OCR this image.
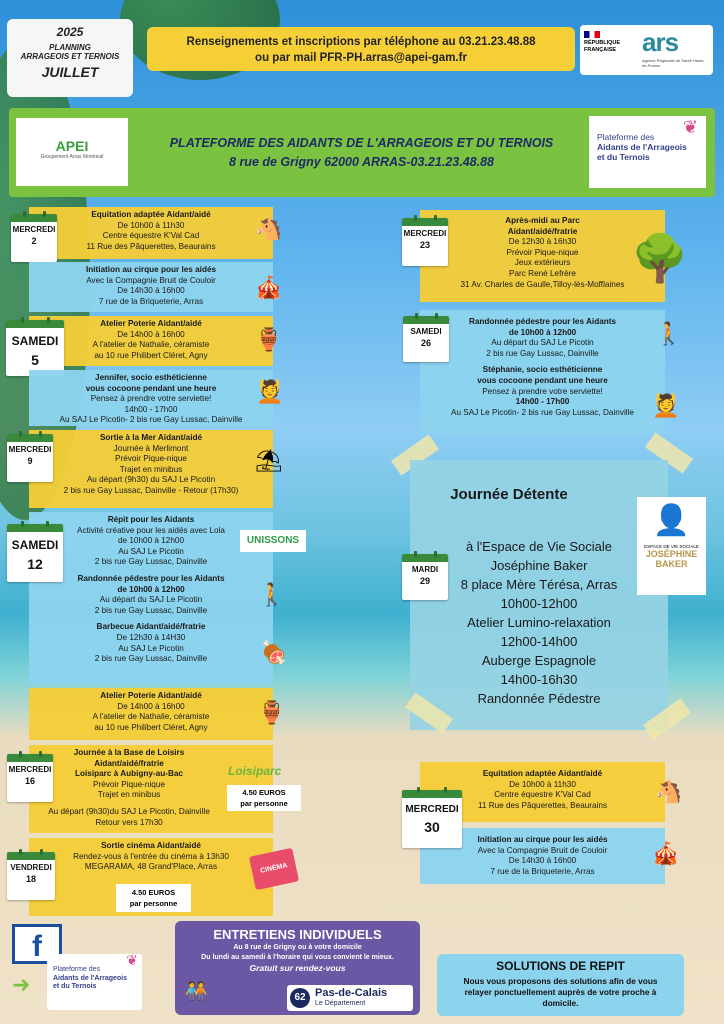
2025
PLANNING
ARRAGEOIS ET TERNOIS
JUILLET
Renseignements et inscriptions par téléphone au 03.21.23.48.88
ou par mail PFR-PH.arras@apei-gam.fr
RÉPUBLIQUE
FRANÇAISE ars
Agence Régionale de Santé Hauts-de-France
APEI
Groupement Arras Montreuil
PLATEFORME DES AIDANTS DE L'ARRAGEOIS ET DU TERNOIS
8 rue de Grigny 62000 ARRAS-03.21.23.48.88
Plateforme des
Aidants de l'Arrageois
et du Ternois
❦
Equitation adaptée Aidant/aidé
De 10h00 à 11h30
Centre équestre K'Val Cad
11 Rue des Pâquerettes, Beaurains
🐴
MERCREDI
2
Initiation au cirque pour les aidés
Avec la Compagnie Bruit de Couloir
De 14h30 à 16h00
7 rue de la Briqueterie, Arras
🎪
Atelier Poterie Aidant/aidé
De 14h00 à 16h00
A l'atelier de Nathalie, céramiste
au 10 rue Philibert Cléret, Agny
🏺
SAMEDI
5
Jennifer, socio esthéticienne
vous cocoone pendant une heure
Pensez à prendre votre serviette!
14h00 - 17h00
Au SAJ Le Picotin- 2 bis rue Gay Lussac, Dainville
💆
Sortie à la Mer Aidant/aidé
Journée à Merlimont
Prévoir Pique-nique
Trajet en minibus
Au départ (9h30) du SAJ Le Picotin
2 bis rue Gay Lussac, Dainville - Retour (17h30)
⛱
MERCREDI
9
Répit pour les Aidants
Activité créative pour les aidés avec Lola
de 10h00 à 12h00
Au SAJ Le Picotin
2 bis rue Gay Lussac, Dainville
Randonnée pédestre pour les Aidants
de 10h00 à 12h00
Au départ du SAJ Le Picotin
2 bis rue Gay Lussac, Dainville
Barbecue Aidant/aidé/fratrie
De 12h30 à 14H30
Au SAJ Le Picotin
2 bis rue Gay Lussac, Dainville
UNISSONS
🚶
🍖
SAMEDI
12
Atelier Poterie Aidant/aidé
De 14h00 à 16h00
A l'atelier de Nathalie, céramiste
au 10 rue Philibert Cléret, Agny
🏺
Journée à la Base de Loisirs
Aidant/aidé/fratrie
Loisiparc à Aubigny-au-Bac
Prévoir Pique-nique
Trajet en minibus
Au départ (9h30)du SAJ Le Picotin, Dainville
Retour vers 17h30
Loisiparc
4.50 EUROS
par personne
MERCREDI
16
Sortie cinéma Aidant/aidé
Rendez-vous à l'entrée du cinéma à 13h30
MEGARAMA, 48 Grand'Place, Arras
4.50 EUROS
par personne
CINÉMA
VENDREDI
18
Après-midi au Parc
Aidant/aidé/fratrie
De 12h30 à 16h30
Prévoir Pique-nique
Jeux extérieurs
Parc René Lefrère
31 Av. Charles de Gaulle,Tilloy-lès-Mofflaines
🌳
MERCREDI
23
Randonnée pédestre pour les Aidants
de 10h00 à 12h00
Au départ du SAJ Le Picotin
2 bis rue Gay Lussac, Dainville
Stéphanie, socio esthéticienne
vous cocoone pendant une heure
Pensez à prendre votre serviette!
14h00 - 17h00
Au SAJ Le Picotin- 2 bis rue Gay Lussac, Dainville
🚶
💆
SAMEDI
26
Journée Détente
à l'Espace de Vie Sociale
Joséphine Baker
8 place Mère Térésa, Arras
10h00-12h00
Atelier Lumino-relaxation
12h00-14h00
Auberge Espagnole
14h00-16h30
Randonnée Pédestre
👤
ESPACE DE VIE SOCIALE
JOSÉPHINE BAKER
MARDI
29
Equitation adaptée Aidant/aidé
De 10h00 à 11h30
Centre équestre K'Val Cad
11 Rue des Pâquerettes, Beaurains
🐴
Initiation au cirque pour les aidés
Avec la Compagnie Bruit de Couloir
De 14h30 à 16h00
7 rue de la Briqueterie, Arras
🎪
MERCREDI
30
f
➜
Plateforme des
Aidants de l'Arrageois
et du Ternois
❦
ENTRETIENS INDIVIDUELS
Au 8 rue de Grigny ou à votre domicile
Du lundi au samedi à l'horaire qui vous convient le mieux.
Gratuit sur rendez-vous
🧑‍🤝‍🧑	62 Pas-de-Calais
Le Département
SOLUTIONS DE REPIT
Nous vous proposons des solutions afin de vous relayer ponctuellement auprès de votre proche à domicile.
